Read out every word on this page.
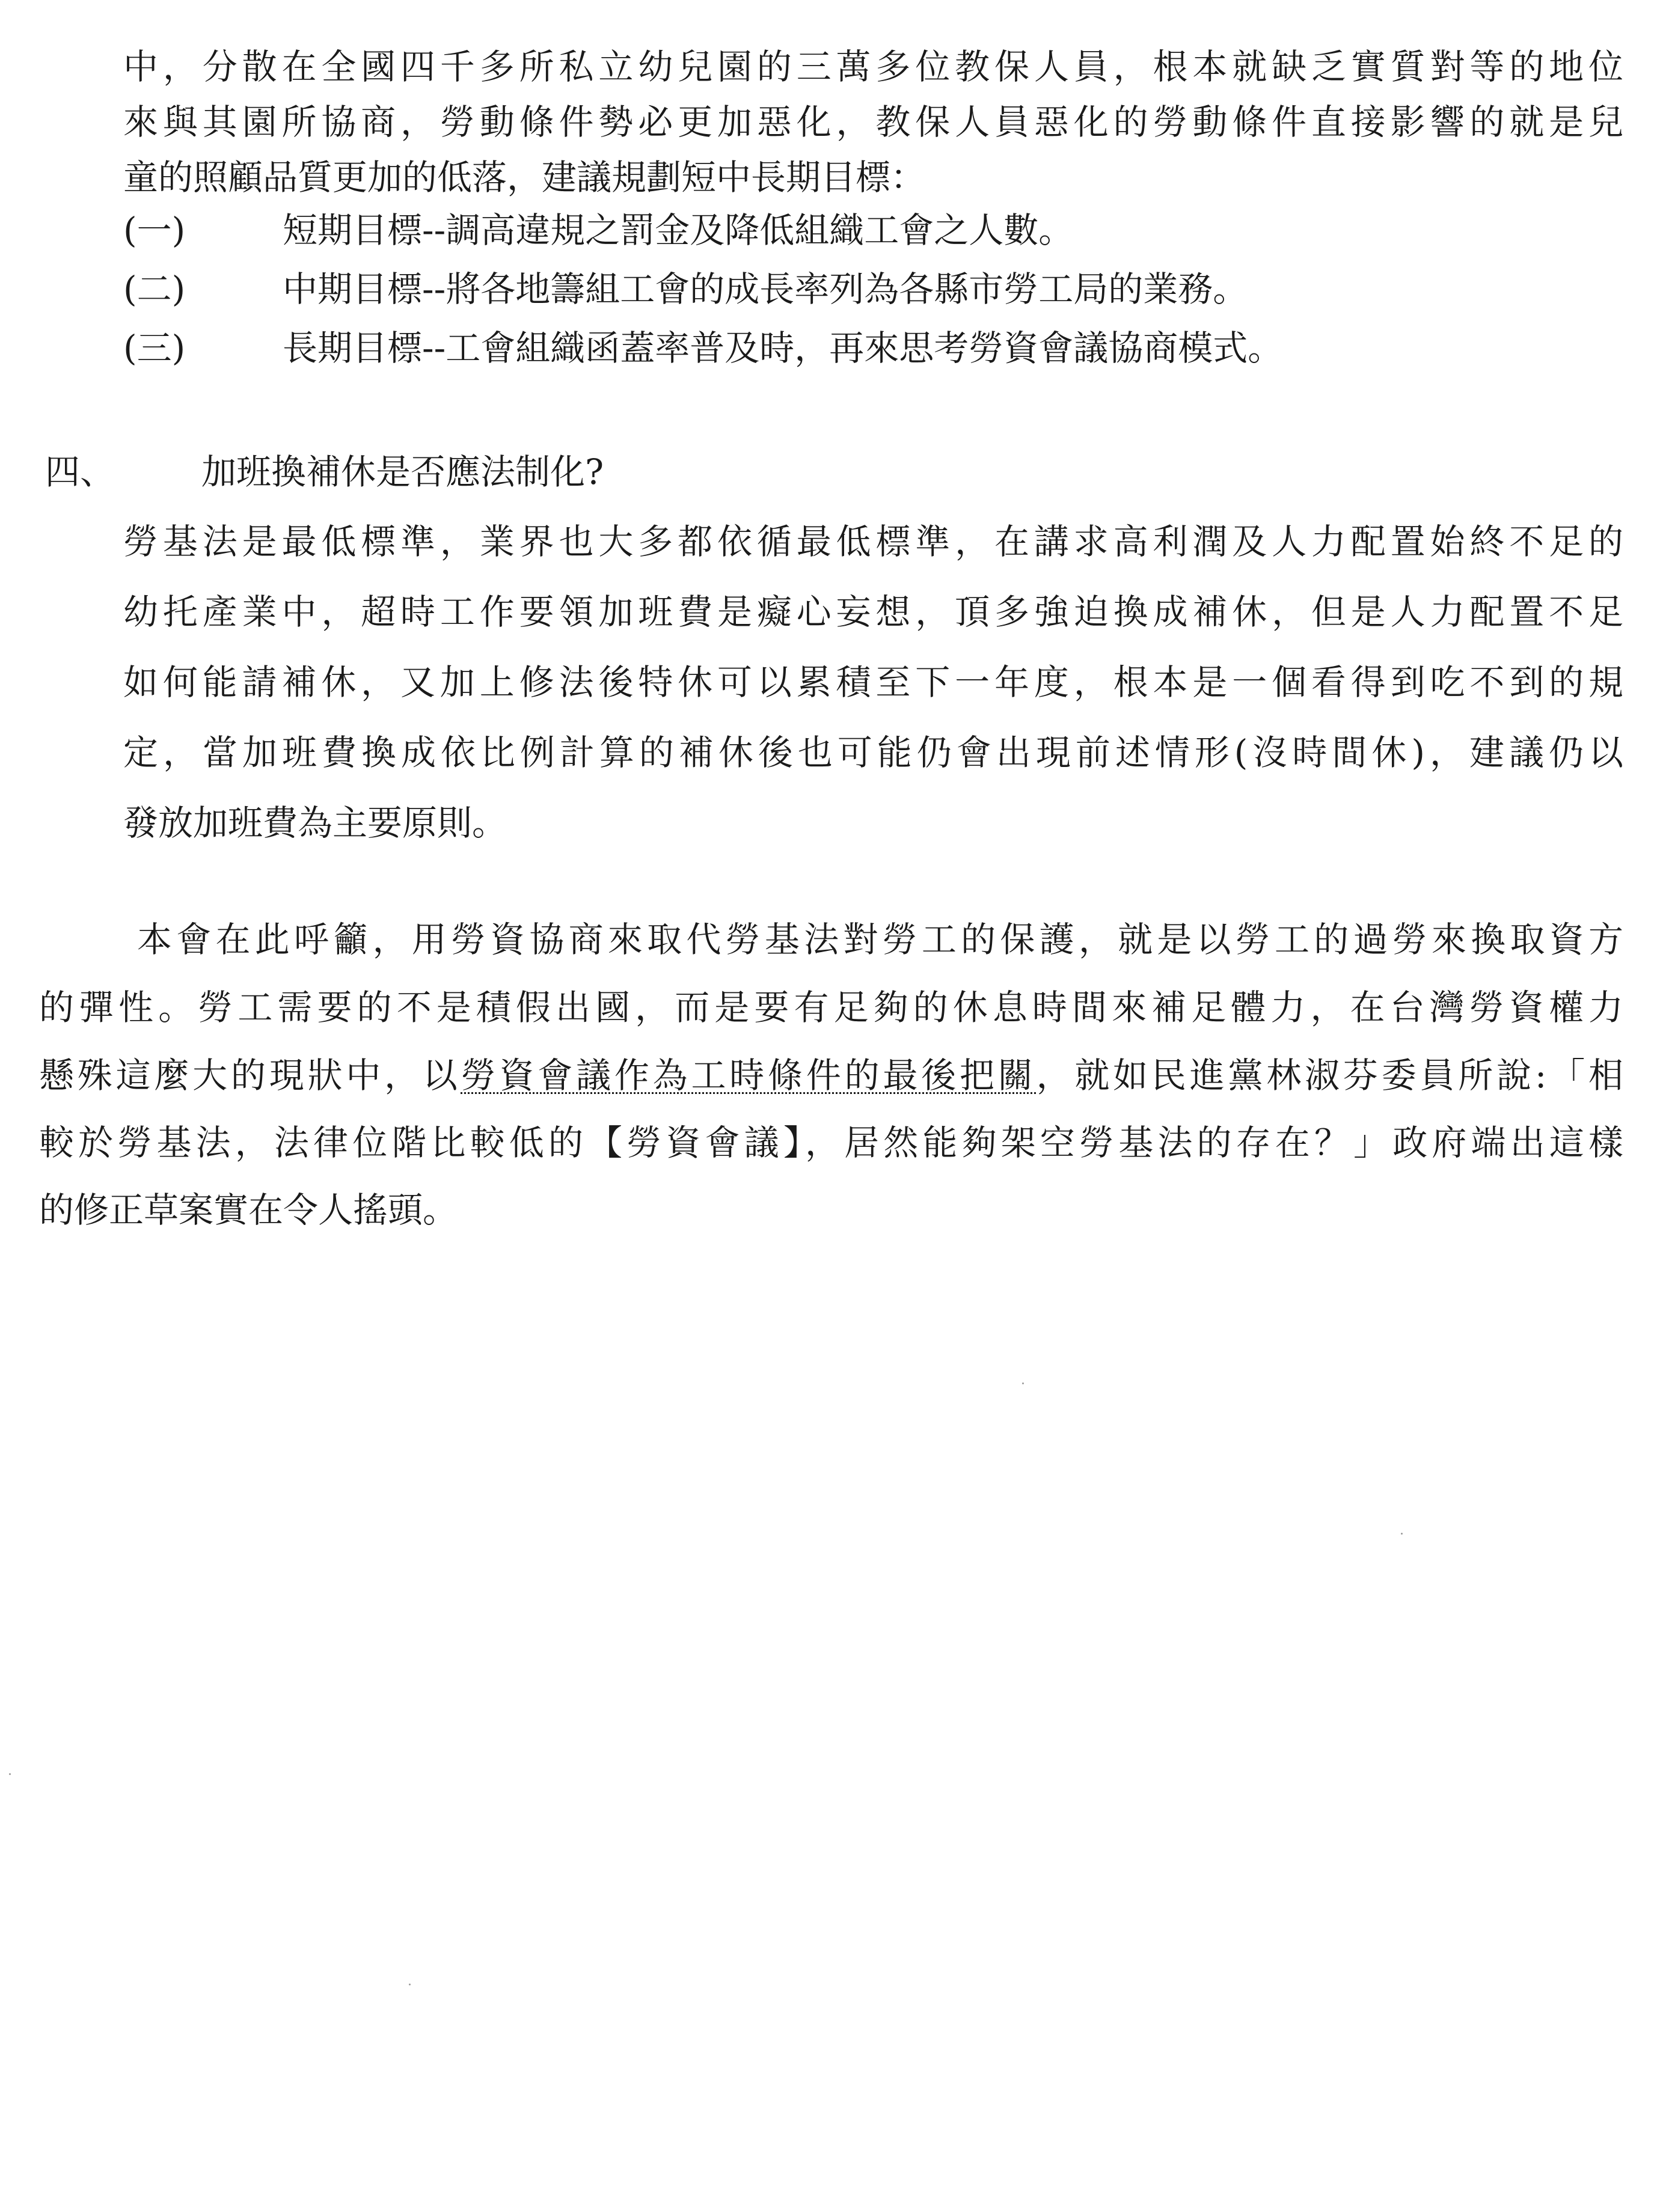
中，分散在全國四千多所私立幼兒園的三萬多位教保人員，根本就缺乏實質對等的地位
來與其園所協商，勞動條件勢必更加惡化，教保人員惡化的勞動條件直接影響的就是兒
童的照顧品質更加的低落，建議規劃短中長期目標：
(一)	短期目標--調高違規之罰金及降低組織工會之人數。
(二)	中期目標--將各地籌組工會的成長率列為各縣市勞工局的業務。
(三)	長期目標--工會組織函蓋率普及時，再來思考勞資會議協商模式。
四、 加班換補休是否應法制化?
勞基法是最低標準，業界也大多都依循最低標準，在講求高利潤及人力配置始終不足的
幼托產業中，超時工作要領加班費是癡心妄想，頂多強迫換成補休，但是人力配置不足
如何能請補休，又加上修法後特休可以累積至下一年度，根本是一個看得到吃不到的規
定，當加班費換成依比例計算的補休後也可能仍會出現前述情形(沒時間休)，建議仍以
發放加班費為主要原則。
本會在此呼籲，用勞資協商來取代勞基法對勞工的保護，就是以勞工的過勞來換取資方
的彈性。勞工需要的不是積假出國，而是要有足夠的休息時間來補足體力，在台灣勞資權力
懸殊這麼大的現狀中，以勞資會議作為工時條件的最後把關，就如民進黨林淑芬委員所說:「相
較於勞基法，法律位階比較低的【勞資會議】，居然能夠架空勞基法的存在？」政府端出這樣
的修正草案實在令人搖頭。
